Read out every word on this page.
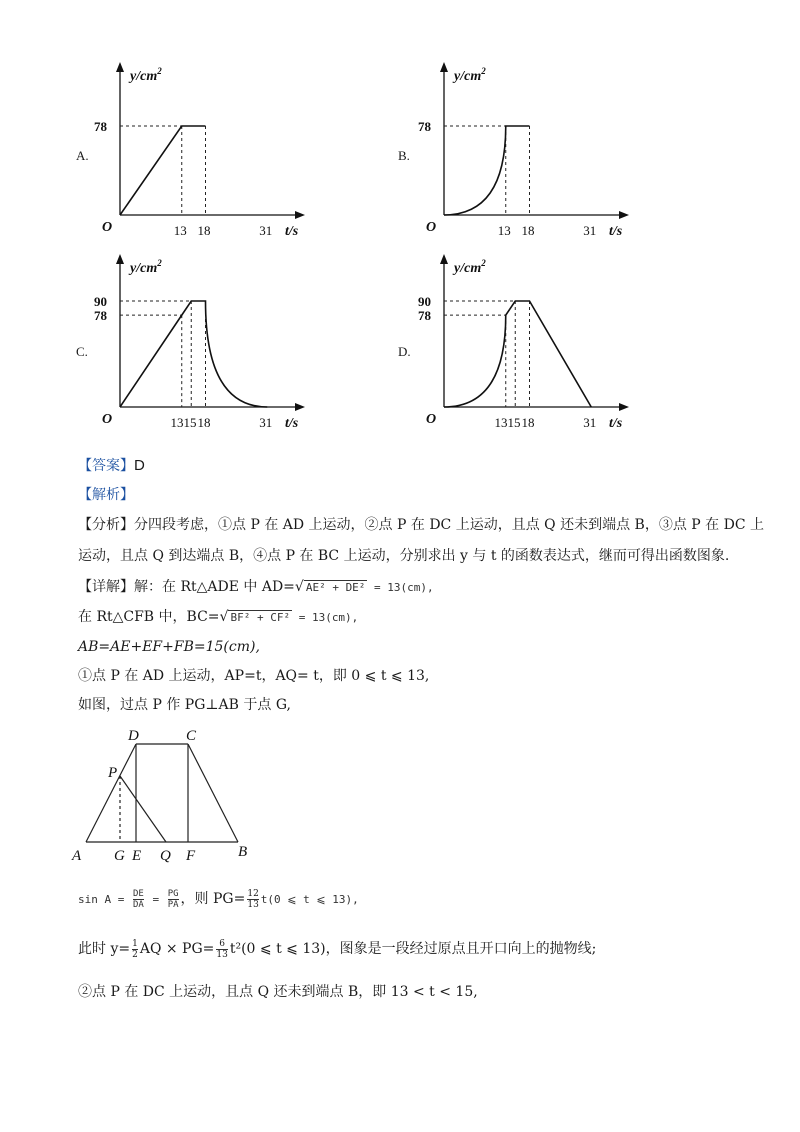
A.
$y/cm^2$
t/s
O
78
13 18	31
B.
$y/cm^2$
t/s
O
78
13 18	31
C.
$y/cm^2$
t/s
O
90
78
1315 18	31
D.
$y/cm^2$
t/s
O
90
78
1315 18	31
【答案】D
【解析】
【分析】分四段考虑，①点 P 在 AD 上运动，②点 P 在 DC 上运动，且点 Q 还未到端点 B，③点 P 在 DC 上
运动，且点 Q 到达端点 B，④点 P 在 BC 上运动，分别求出 y 与 t 的函数表达式，继而可得出函数图象.
【详解】解：在 Rt△ADE 中 AD=√ AE² + DE² = 13(cm),
在 Rt△CFB 中，BC=√ BF² + CF² = 13(cm),
AB=AE+EF+FB=15(cm),
①点 P 在 AD 上运动，AP=t，AQ= t，即 0 ⩽ t ⩽ 13,
如图，过点 P 作 PG⊥AB 于点 G,
A G E Q F	B
D	C
P
$\sin A = \frac{DE}{DA} = \frac{PG}{PA}$ ，则 $PG= \frac{12}{13} t(0$ ⩽ t ⩽ 13),
此时 $y= \frac{1}{2}$ AQ × $PG= \frac{6}{13} t^2(0$ ⩽ t ⩽ 13)，图象是一段经过原点且开口向上的抛物线;
②点 P 在 DC 上运动，且点 Q 还未到端点 B，即 13 < t < 15,
